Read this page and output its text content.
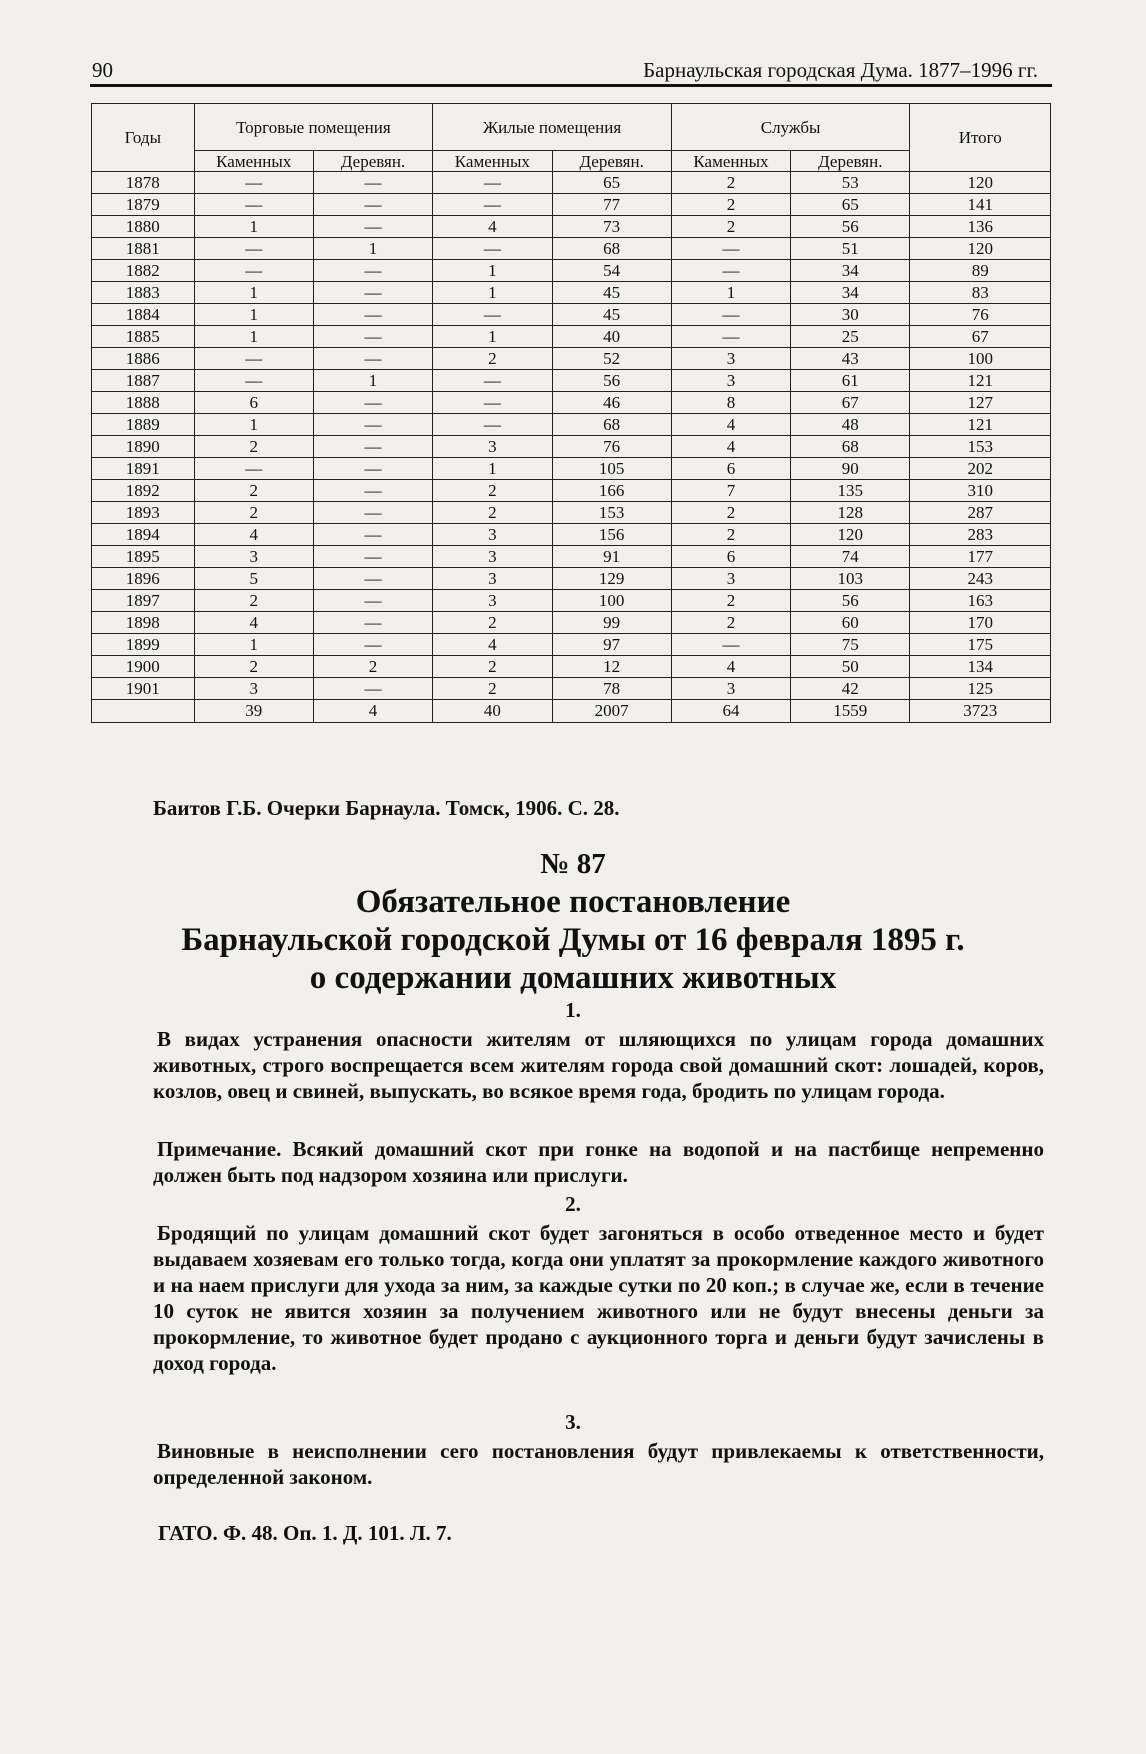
90	Барнаульская городская Дума. 1877–1996 гг.
Годы	Торговые помещения		Жилые помещения		Службы		Итого
	Каменных	Деревян.	Каменных	Деревян.	Каменных	Деревян.	
1878	—	—	—	65	2	53	120
1879	—	—	—	77	2	65	141
1880	1	—	4	73	2	56	136
1881	—	1	—	68	—	51	120
1882	—	—	1	54	—	34	89
1883	1	—	1	45	1	34	83
1884	1	—	—	45	—	30	76
1885	1	—	1	40	—	25	67
1886	—	—	2	52	3	43	100
1887	—	1	—	56	3	61	121
1888	6	—	—	46	8	67	127
1889	1	—	—	68	4	48	121
1890	2	—	3	76	4	68	153
1891	—	—	1	105	6	90	202
1892	2	—	2	166	7	135	310
1893	2	—	2	153	2	128	287
1894	4	—	3	156	2	120	283
1895	3	—	3	91	6	74	177
1896	5	—	3	129	3	103	243
1897	2	—	3	100	2	56	163
1898	4	—	2	99	2	60	170
1899	1	—	4	97	—	75	175
1900	2	2	2	12	4	50	134
1901	3	—	2	78	3	42	125
	39	4	40	2007	64	1559	3723
Баитов Г.Б. Очерки Барнаула. Томск, 1906. С. 28.
№ 87
Обязательное постановление
Барнаульской городской Думы от 16 февраля 1895 г.
о содержании домашних животных
1.
В видах устранения опасности жителям от шляющихся по улицам города домашних животных, строго воспрещается всем жителям города свой домашний скот: лошадей, коров, козлов, овец и свиней, выпускать, во всякое время года, бродить по улицам города.
Примечание. Всякий домашний скот при гонке на водопой и на пастбище непременно должен быть под надзором хозяина или прислуги.
2.
Бродящий по улицам домашний скот будет загоняться в особо отведенное место и будет выдаваем хозяевам его только тогда, когда они уплатят за прокормление каждого животного и на наем прислуги для ухода за ним, за каждые сутки по 20 коп.; в случае же, если в течение 10 суток не явится хозяин за получением животного или не будут внесены деньги за прокормление, то животное будет продано с аукционного торга и деньги будут зачислены в доход города.
3.
Виновные в неисполнении сего постановления будут привлекаемы к ответственности, определенной законом.
ГАТО. Ф. 48. Оп. 1. Д. 101. Л. 7.
